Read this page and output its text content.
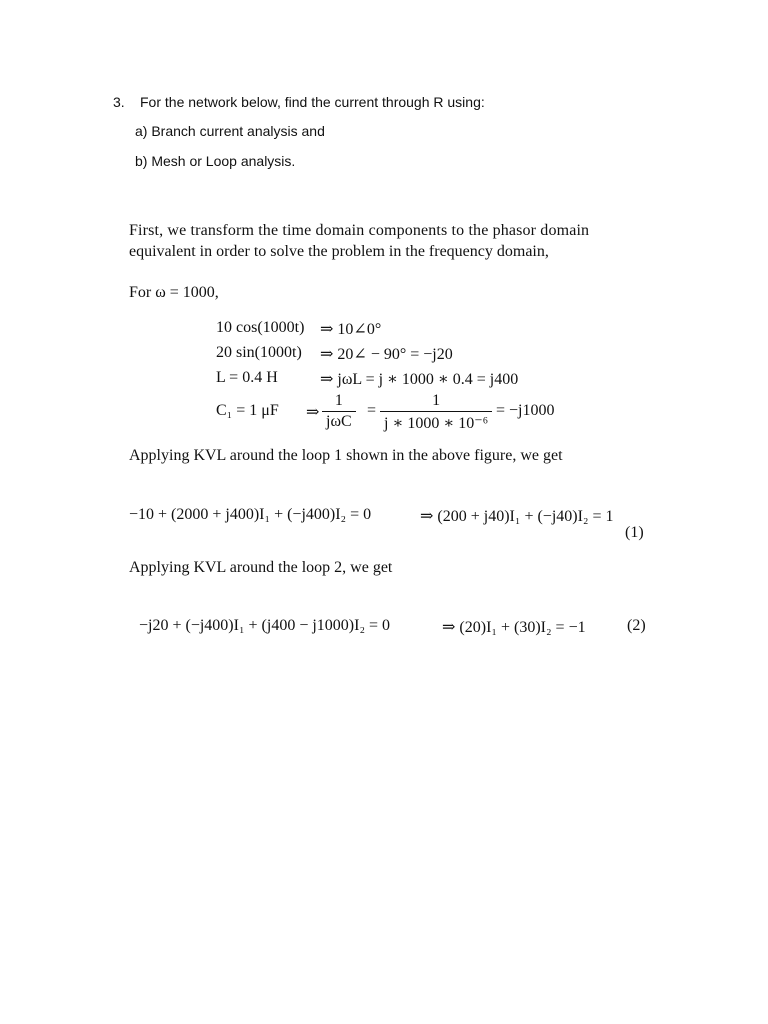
3. For the network below, find the current through R using:
a) Branch current analysis and
b) Mesh or Loop analysis.
First, we transform the time domain components to the phasor domain
equivalent in order to solve the problem in the frequency domain,
For ω = 1000,
10 cos(1000t) ⇒ 10∠0°
20 sin(1000t) ⇒ 20∠ − 90° = −j20
L = 0.4 H	⇒ jωL = j ∗ 1000 ∗ 0.4 = j400
C₁ = 1 μF ⇒ $\frac{1}{\text{jωC}} = \frac{1}{\text{j ∗ 1000 ∗ 10⁻⁶}} = -j1000$
Applying KVL around the loop 1 shown in the above figure, we get
−10 + (2000 + j400)I₁ + (−j400)I₂ = 0	⇒ (200 + j40)I₁ + (−j40)I₂ = 1
(1)
Applying KVL around the loop 2, we get
−j20 + (−j400)I₁ + (j400 − j1000)I₂ = 0	⇒ (20)I₁ + (30)I₂ = −1	(2)
